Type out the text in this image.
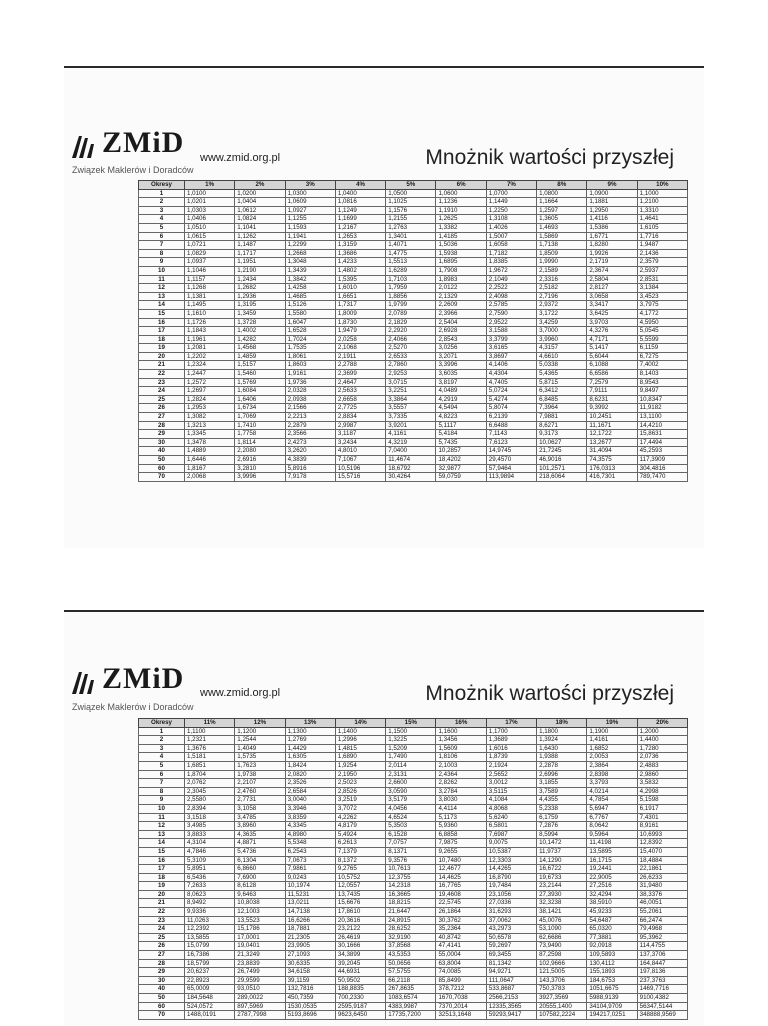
ZMiD
Związek Maklerów i Doradców
www.zmid.org.pl	Mnożnik wartości przyszłej
Okresy	1%	2%	3%	4%	5%	6%	7%	8%	9%	10%
1	1,0100	1,0200	1,0300	1,0400	1,0500	1,0600	1,0700	1,0800	1,0900	1,1000
2	1,0201	1,0404	1,0609	1,0816	1,1025	1,1236	1,1449	1,1664	1,1881	1,2100
3	1,0303	1,0612	1,0927	1,1249	1,1576	1,1910	1,2250	1,2597	1,2950	1,3310
4	1,0406	1,0824	1,1255	1,1699	1,2155	1,2625	1,3108	1,3605	1,4116	1,4641
5	1,0510	1,1041	1,1593	1,2167	1,2763	1,3382	1,4026	1,4693	1,5386	1,6105
6	1,0615	1,1262	1,1941	1,2653	1,3401	1,4185	1,5007	1,5869	1,6771	1,7716
7	1,0721	1,1487	1,2299	1,3159	1,4071	1,5036	1,6058	1,7138	1,8280	1,9487
8	1,0829	1,1717	1,2668	1,3686	1,4775	1,5938	1,7182	1,8509	1,9926	2,1436
9	1,0937	1,1951	1,3048	1,4233	1,5513	1,6895	1,8385	1,9990	2,1719	2,3579
10	1,1046	1,2190	1,3439	1,4802	1,6289	1,7908	1,9672	2,1589	2,3674	2,5937
11	1,1157	1,2434	1,3842	1,5395	1,7103	1,8983	2,1049	2,3316	2,5804	2,8531
12	1,1268	1,2682	1,4258	1,6010	1,7959	2,0122	2,2522	2,5182	2,8127	3,1384
13	1,1381	1,2936	1,4685	1,6651	1,8856	2,1329	2,4098	2,7196	3,0658	3,4523
14	1,1495	1,3195	1,5126	1,7317	1,9799	2,2609	2,5785	2,9372	3,3417	3,7975
15	1,1610	1,3459	1,5580	1,8009	2,0789	2,3966	2,7590	3,1722	3,6425	4,1772
16	1,1726	1,3728	1,6047	1,8730	2,1829	2,5404	2,9522	3,4259	3,9703	4,5950
17	1,1843	1,4002	1,6528	1,9479	2,2920	2,6928	3,1588	3,7000	4,3276	5,0545
18	1,1961	1,4282	1,7024	2,0258	2,4066	2,8543	3,3799	3,9960	4,7171	5,5599
19	1,2081	1,4568	1,7535	2,1068	2,5270	3,0256	3,6165	4,3157	5,1417	6,1159
20	1,2202	1,4859	1,8061	2,1911	2,6533	3,2071	3,8697	4,6610	5,6044	6,7275
21	1,2324	1,5157	1,8603	2,2788	2,7860	3,3996	4,1406	5,0338	6,1088	7,4002
22	1,2447	1,5460	1,9161	2,3699	2,9253	3,6035	4,4304	5,4365	6,6586	8,1403
23	1,2572	1,5769	1,9736	2,4647	3,0715	3,8197	4,7405	5,8715	7,2579	8,9543
24	1,2697	1,6084	2,0328	2,5633	3,2251	4,0489	5,0724	6,3412	7,9111	9,8497
25	1,2824	1,6406	2,0938	2,6658	3,3864	4,2919	5,4274	6,8485	8,6231	10,8347
26	1,2953	1,6734	2,1566	2,7725	3,5557	4,5494	5,8074	7,3964	9,3992	11,9182
27	1,3082	1,7069	2,2213	2,8834	3,7335	4,8223	6,2139	7,9881	10,2451	13,1100
28	1,3213	1,7410	2,2879	2,9987	3,9201	5,1117	6,6488	8,6271	11,1671	14,4210
29	1,3345	1,7758	2,3566	3,1187	4,1161	5,4184	7,1143	9,3173	12,1722	15,8631
30	1,3478	1,8114	2,4273	3,2434	4,3219	5,7435	7,6123	10,0627	13,2677	17,4494
40	1,4889	2,2080	3,2620	4,8010	7,0400	10,2857	14,9745	21,7245	31,4094	45,2593
50	1,6446	2,6916	4,3839	7,1067	11,4674	18,4202	29,4570	46,9016	74,3575	117,3909
60	1,8167	3,2810	5,8916	10,5196	18,6792	32,9877	57,9464	101,2571	176,0313	304,4816
70	2,0068	3,9996	7,9178	15,5716	30,4264	59,0759	113,9894	218,6064	416,7301	789,7470
ZMiD
Związek Maklerów i Doradców
www.zmid.org.pl	Mnożnik wartości przyszłej
Okresy	11%	12%	13%	14%	15%	16%	17%	18%	19%	20%
1	1,1100	1,1200	1,1300	1,1400	1,1500	1,1600	1,1700	1,1800	1,1900	1,2000
2	1,2321	1,2544	1,2769	1,2996	1,3225	1,3456	1,3689	1,3924	1,4161	1,4400
3	1,3676	1,4049	1,4429	1,4815	1,5209	1,5609	1,6016	1,6430	1,6852	1,7280
4	1,5181	1,5735	1,6305	1,6890	1,7490	1,8106	1,8739	1,9388	2,0053	2,0736
5	1,6851	1,7623	1,8424	1,9254	2,0114	2,1003	2,1924	2,2878	2,3864	2,4883
6	1,8704	1,9738	2,0820	2,1950	2,3131	2,4364	2,5652	2,6996	2,8398	2,9860
7	2,0762	2,2107	2,3526	2,5023	2,6600	2,8262	3,0012	3,1855	3,3793	3,5832
8	2,3045	2,4760	2,6584	2,8526	3,0590	3,2784	3,5115	3,7589	4,0214	4,2998
9	2,5580	2,7731	3,0040	3,2519	3,5179	3,8030	4,1084	4,4355	4,7854	5,1598
10	2,8394	3,1058	3,3946	3,7072	4,0456	4,4114	4,8068	5,2338	5,6947	6,1917
11	3,1518	3,4785	3,8359	4,2262	4,6524	5,1173	5,6240	6,1759	6,7767	7,4301
12	3,4985	3,8960	4,3345	4,8179	5,3503	5,9360	6,5801	7,2876	8,0642	8,9161
13	3,8833	4,3635	4,8980	5,4924	6,1528	6,8858	7,6987	8,5994	9,5964	10,6993
14	4,3104	4,8871	5,5348	6,2613	7,0757	7,9875	9,0075	10,1472	11,4198	12,8392
15	4,7846	5,4736	6,2543	7,1379	8,1371	9,2655	10,5387	11,9737	13,5895	15,4070
16	5,3109	6,1304	7,0673	8,1372	9,3576	10,7480	12,3303	14,1290	16,1715	18,4884
17	5,8951	6,8660	7,9861	9,2765	10,7613	12,4677	14,4265	16,6722	19,2441	22,1861
18	6,5436	7,6900	9,0243	10,5752	12,3755	14,4625	16,8790	19,6733	22,9005	26,6233
19	7,2633	8,6128	10,1974	12,0557	14,2318	16,7765	19,7484	23,2144	27,2516	31,9480
20	8,0623	9,6463	11,5231	13,7435	16,3665	19,4608	23,1056	27,3930	32,4294	38,3376
21	8,9492	10,8038	13,0211	15,6676	18,8215	22,5745	27,0336	32,3238	38,5910	46,0051
22	9,9336	12,1003	14,7138	17,8610	21,6447	26,1864	31,6293	38,1421	45,9233	55,2061
23	11,0263	13,5523	16,6266	20,3616	24,8915	30,3762	37,0062	45,0076	54,6487	66,2474
24	12,2392	15,1786	18,7881	23,2122	28,6252	35,2364	43,2973	53,1090	65,0320	79,4968
25	13,5855	17,0001	21,2305	26,4619	32,9190	40,8742	50,6578	62,6686	77,3881	95,3962
26	15,0799	19,0401	23,9905	30,1666	37,8568	47,4141	59,2697	73,9490	92,0918	114,4755
27	16,7386	21,3249	27,1093	34,3899	43,5353	55,0004	69,3455	87,2598	109,5893	137,3706
28	18,5799	23,8839	30,6335	39,2045	50,0656	63,8004	81,1342	102,9666	130,4112	164,8447
29	20,6237	26,7499	34,6158	44,6931	57,5755	74,0085	94,9271	121,5005	155,1893	197,8136
30	22,8923	29,9599	39,1159	50,9502	66,2118	85,8499	111,0647	143,3706	184,6753	237,3763
40	65,0009	93,0510	132,7816	188,8835	267,8635	378,7212	533,8687	750,3783	1051,6675	1469,7716
50	184,5648	289,0022	450,7359	700,2330	1083,6574	1670,7038	2566,2153	3927,3569	5988,9139	9100,4382
60	524,0572	897,5969	1530,0535	2595,9187	4383,9987	7370,2014	12335,3565	20555,1400	34104,9709	56347,5144
70	1488,0191	2787,7998	5193,8696	9623,6450	17735,7200	32513,1648	59293,9417	107582,2224	194217,0251	348888,9569
